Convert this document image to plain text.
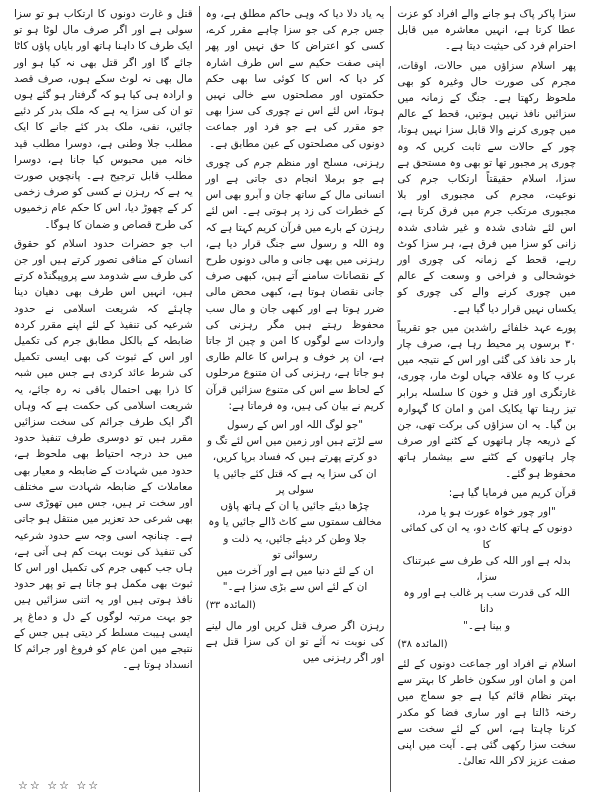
سزا پاکر پاک ہو جانے والے افراد کو عزت عطا کرتا ہے، انہیں معاشرہ میں قابل احترام فرد کی حیثیت دیتا ہے۔

پھر اسلام سزاؤں میں حالات، اوقات، مجرم کی صورت حال وغیرہ کو بھی ملحوظ رکھتا ہے۔ جنگ کے زمانہ میں سزائیں نافذ نہیں ہوتیں، قحط کے عالم میں چوری کرنے والا قابل سزا نہیں ہوتا، چور کے حالات سے ثابت کریں کہ وہ چوری پر مجبور تھا تو بھی وہ مستحق ہے سزا، اسلام حقیقتاً ارتکاب جرم کی نوعیت، مجرم کی مجبوری اور بلا مجبوری مرتکب جرم میں فرق کرتا ہے، اس لئے شادی شدہ و غیر شادی شدہ زانی کو سزا میں فرق ہے، ہر سزا کوٹ رہے، قحط کے زمانہ کی چوری اور خوشحالی و فراخی و وسعت کے عالم میں چوری کرنے والے کی چوری کو یکساں نہیں قرار دیا گیا ہے۔

پورے عہد خلفائے راشدین میں جو تقریباً ۳۰ برسوں پر محیط رہا ہے، صرف چار بار حد نافذ کی گئی اور اس کے نتیجہ میں عرب کا وہ علاقہ جہاں لوٹ مار، چوری، غارتگری اور قتل و خون کا سلسلہ برابر تیز رہتا تھا یکایک امن و امان کا گہوارہ بن گیا۔ یہ ان سزاؤں کی برکت تھی، جن کے ذریعہ چار ہاتھوں کے کٹنے اور صرف چار ہاتھوں کے کٹنے سے بیشمار ہاتھ محفوظ ہو گئے۔

قرآن کریم میں فرمایا گیا ہے:

"اور چور خواہ عورت ہو یا مرد،

دونوں کے ہاتھ کاٹ دو، یہ ان کی کمائی کا

بدلہ ہے اور اللہ کی طرف سے عبرتناک سزا،

اللہ کی قدرت سب پر غالب ہے اور وہ دانا

و بینا ہے۔"

(المائدہ ۳۸)

اسلام نے افراد اور جماعت دونوں کے لئے امن و امان اور سکون خاطر کا بہتر سے بہتر نظام قائم کیا ہے جو سماج میں رخنہ ڈالتا ہے اور ساری فضا کو مکدر کرنا چاہتا ہے، اس کے لئے سخت سے سخت سزا رکھی گئی ہے۔ آیت میں اپنی صفت عزیز لاکر اللہ تعالیٰ۔

یہ یاد دلا دیا کہ وہی حاکم مطلق ہے، وہ جس جرم کی جو سزا چاہے مقرر کرے، کسی کو اعتراض کا حق نہیں اور پھر اپنی صفت حکیم سے اس طرف اشارہ کر دیا کہ اس کا کوئی سا بھی حکم حکمتوں اور مصلحتوں سے خالی نہیں ہوتا، اس لئے اس نے چوری کی سزا بھی جو مقرر کی ہے جو فرد اور جماعت دونوں کی مصلحتوں کے عین مطابق ہے۔

رہزنی، مسلح اور منظم جرم کی چوری ہے جو برملا انجام دی جاتی ہے اور انسانی مال کے ساتھ جان و آبرو بھی اس کے خطرات کی زد پر ہوتی ہے۔ اس لئے رہزن کے بارے میں قرآن کریم کہتا ہے کہ وہ اللہ و رسول سے جنگ قرار دیا ہے، رہزنی میں بھی جانی و مالی دونوں طرح کے نقصانات سامنے آتے ہیں، کبھی صرف جانی نقصان ہوتا ہے، کبھی محض مالی ضرر ہوتا ہے اور کبھی جان و مال سب محفوظ رہتے ہیں مگر رہزنی کی واردات سے لوگوں کا امن و چین اڑ جاتا ہے، ان پر خوف و ہراس کا عالم طاری ہو جاتا ہے، رہزنی کی ان متنوع مرحلوں کے لحاظ سے اس کی متنوع سزائیں قرآن کریم نے بیان کی ہیں، وہ فرماتا ہے:

"جو لوگ اللہ اور اس کے رسول

سے لڑتے ہیں اور زمین میں اس لئے تگ و

دو کرتے پھرتے ہیں کہ فساد برپا کریں،

ان کی سزا یہ ہے کہ قتل کئے جائیں یا سولی پر

چڑھا دیئے جائیں یا ان کے ہاتھ پاؤں

مخالف سمتوں سے کاٹ ڈالے جائیں یا وہ

جلا وطن کر دیئے جائیں، یہ ذلت و رسوائی تو

ان کے لئے دنیا میں ہے اور آخرت میں

ان کے لئے اس سے بڑی سزا ہے۔"

(المائدہ ۳۳)

رہزن اگر صرف قتل کریں اور مال لینے کی نوبت نہ آئے تو ان کی سزا قتل ہے اور اگر رہزنی میں

قتل و غارت دونوں کا ارتکاب ہو تو سزا سولی ہے اور اگر صرف مال لوٹا ہو تو ایک طرف کا داہنا ہاتھ اور بایاں پاؤں کاٹا جائے گا اور اگر قتل بھی نہ کیا ہو اور مال بھی نہ لوٹ سکے ہوں، صرف قصد و ارادہ ہی کیا ہو کہ گرفتار ہو گئے ہوں تو ان کی سزا یہ ہے کہ ملک بدر کر دئیے جائیں، نفی، ملک بدر کئے جانے کا ایک مطلب جلا وطنی ہے، دوسرا مطلب قید خانہ میں محبوس کیا جانا ہے، دوسرا مطلب قابل ترجیح ہے۔ پانچویں صورت یہ ہے کہ رہزن نے کسی کو صرف زخمی کر کے چھوڑ دیا، اس کا حکم عام زخمیوں کی طرح قصاص و ضمان کا ہوگا۔

اب جو حضرات حدود اسلام کو حقوق انسان کے منافی تصور کرتے ہیں اور جن کی طرف سے شدومد سے پروپیگنڈہ کرتے ہیں، انہیں اس طرف بھی دھیان دینا چاہئے کہ شریعت اسلامی نے حدود شرعیہ کی تنفیذ کے لئے اپنے مقرر کردہ ضابطہ کے بالکل مطابق جرم کی تکمیل اور اس کے ثبوت کی بھی ایسی تکمیل کی شرط عائد کردی ہے جس میں شبہ کا ذرا بھی احتمال باقی نہ رہ جائے، یہ شریعت اسلامی کی حکمت ہے کہ وہاں اگر ایک طرف جرائم کی سخت سزائیں مقرر ہیں تو دوسری طرف تنفیذ حدود میں حد درجہ احتیاط بھی ملحوظ ہے، حدود میں شہادت کے ضابطہ و معیار بھی معاملات کے ضابطہ شہادت سے مختلف اور سخت تر ہیں، جس میں تھوڑی سی بھی شرعی حد تعزیر میں منتقل ہو جاتی ہے۔ چنانچہ اسی وجہ سے حدود شرعیہ کی تنفیذ کی نوبت بہت کم ہی آتی ہے، ہاں جب کبھی جرم کی تکمیل اور اس کا ثبوت بھی مکمل ہو جاتا ہے تو پھر حدود نافذ ہوتی ہیں اور یہ اتنی سزائیں ہیں جو بہت مرتبہ لوگوں کے دل و دماغ پر ایسی ہیبت مسلط کر دیتی ہیں جس کے نتیجے میں امن عام کو فروغ اور جرائم کا انسداد ہوتا ہے۔

☆☆ ☆☆ ☆☆
